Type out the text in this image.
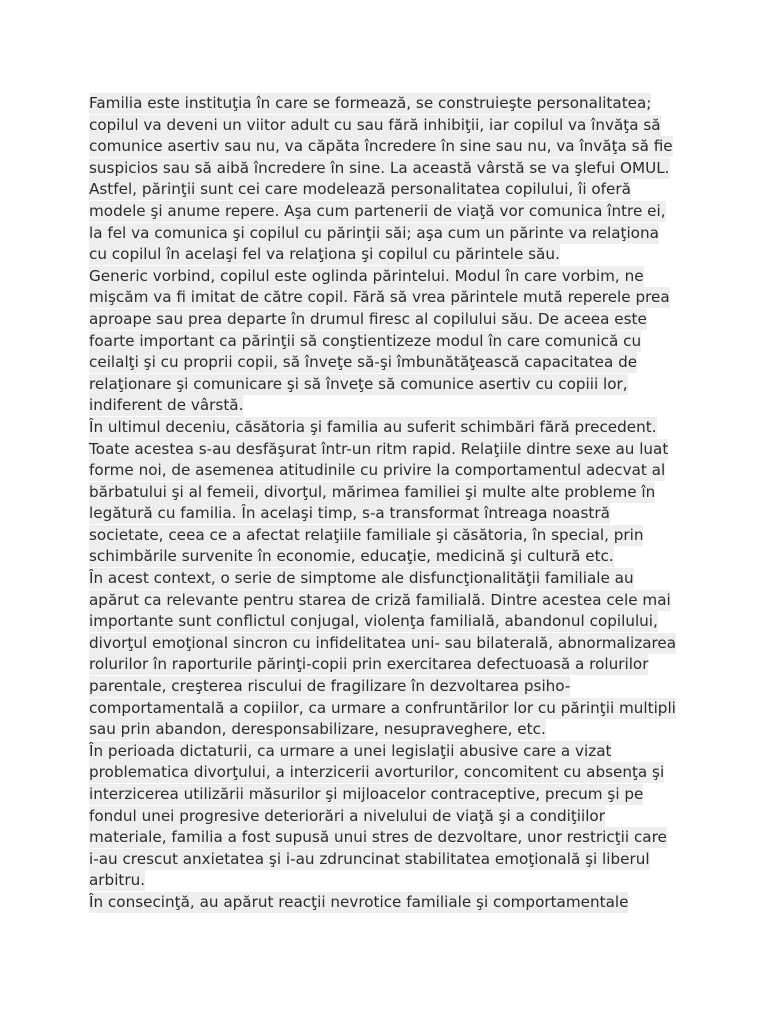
Familia este instituţia în care se formează, se construieşte personalitatea;
copilul va deveni un viitor adult cu sau fără inhibiţii, iar copilul va învăţa să
comunice asertiv sau nu, va căpăta încredere în sine sau nu, va învăţa să fie
suspicios sau să aibă încredere în sine. La această vârstă se va şlefui OMUL.
Astfel, părinţii sunt cei care modelează personalitatea copilului, îi oferă
modele şi anume repere. Aşa cum partenerii de viaţă vor comunica între ei,
la fel va comunica şi copilul cu părinţii săi; aşa cum un părinte va relaţiona
cu copilul în acelaşi fel va relaţiona şi copilul cu părintele său.
Generic vorbind, copilul este oglinda părintelui. Modul în care vorbim, ne
mişcăm va fi imitat de către copil. Fără să vrea părintele mută reperele prea
aproape sau prea departe în drumul firesc al copilului său. De aceea este
foarte important ca părinţii să conştientizeze modul în care comunică cu
ceilalţi şi cu proprii copii, să înveţe să-şi îmbunătăţească capacitatea de
relaţionare şi comunicare şi să înveţe să comunice asertiv cu copiii lor,
indiferent de vârstă.
În ultimul deceniu, căsătoria şi familia au suferit schimbări fără precedent.
Toate acestea s-au desfăşurat într-un ritm rapid. Relaţiile dintre sexe au luat
forme noi, de asemenea atitudinile cu privire la comportamentul adecvat al
bărbatului şi al femeii, divorţul, mărimea familiei şi multe alte probleme în
legătură cu familia. În acelaşi timp, s-a transformat întreaga noastră
societate, ceea ce a afectat relaţiile familiale şi căsătoria, în special, prin
schimbările survenite în economie, educaţie, medicină şi cultură etc.
În acest context, o serie de simptome ale disfuncţionalităţii familiale au
apărut ca relevante pentru starea de criză familială. Dintre acestea cele mai
importante sunt conflictul conjugal, violenţa familială, abandonul copilului,
divorţul emoţional sincron cu infidelitatea uni- sau bilaterală, abnormalizarea
rolurilor în raporturile părinţi-copii prin exercitarea defectuoasă a rolurilor
parentale, creşterea riscului de fragilizare în dezvoltarea psiho-
comportamentală a copiilor, ca urmare a confruntărilor lor cu părinţii multipli
sau prin abandon, deresponsabilizare, nesupraveghere, etc.
În perioada dictaturii, ca urmare a unei legislaţii abusive care a vizat
problematica divorţului, a interzicerii avorturilor, concomitent cu absenţa şi
interzicerea utilizării măsurilor şi mijloacelor contraceptive, precum şi pe
fondul unei progresive deteriorări a nivelului de viaţă şi a condiţiilor
materiale, familia a fost supusă unui stres de dezvoltare, unor restricţii care
i-au crescut anxietatea şi i-au zdruncinat stabilitatea emoţională şi liberul
arbitru.
În consecinţă, au apărut reacţii nevrotice familiale şi comportamentale
